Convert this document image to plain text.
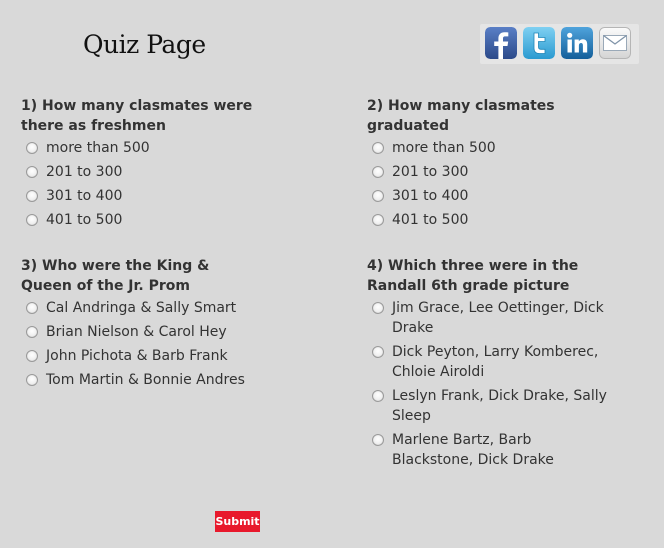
Quiz Page

1) How many clasmates were there as freshmen

more than 500
201 to 300
301 to 400
401 to 500

2) How many clasmates graduated

more than 500
201 to 300
301 to 400
401 to 500

3) Who were the King & Queen of the Jr. Prom

Cal Andringa & Sally Smart
Brian Nielson & Carol Hey
John Pichota & Barb Frank
Tom Martin & Bonnie Andres

4) Which three were in the Randall 6th grade picture

Jim Grace, Lee Oettinger, Dick Drake
Dick Peyton, Larry Komberec, Chloie Airoldi
Leslyn Frank, Dick Drake, Sally Sleep
Marlene Bartz, Barb Blackstone, Dick Drake
Submit
